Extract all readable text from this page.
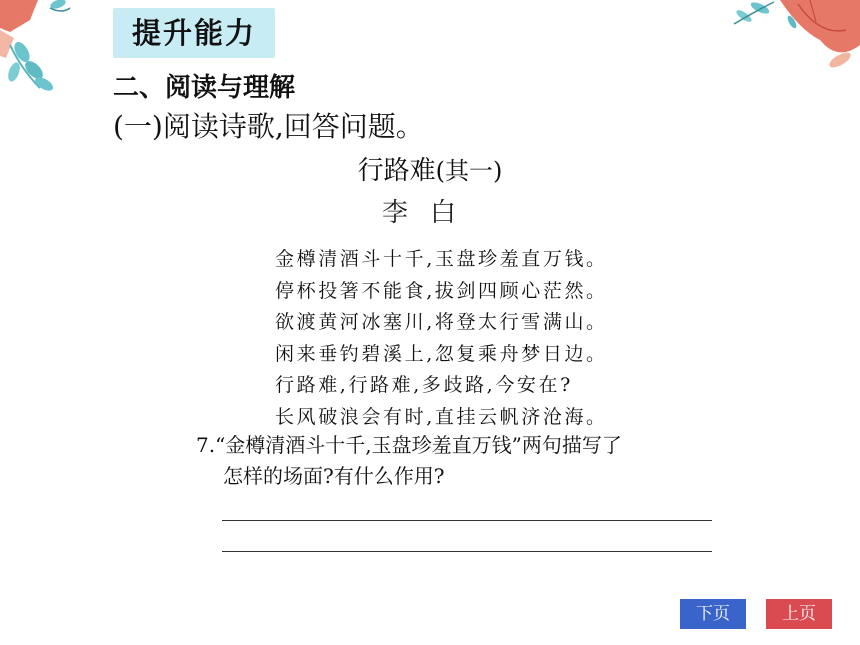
提升能力
二、阅读与理解
(一)阅读诗歌,回答问题。
行路难(其一)
李白
金樽清酒斗十千,玉盘珍羞直万钱。
停杯投箸不能食,拔剑四顾心茫然。
欲渡黄河冰塞川,将登太行雪满山。
闲来垂钓碧溪上,忽复乘舟梦日边。
行路难,行路难,多歧路,今安在?
长风破浪会有时,直挂云帆济沧海。
7.“金樽清酒斗十千,玉盘珍羞直万钱”两句描写了
怎样的场面?有什么作用?
下页	上页
